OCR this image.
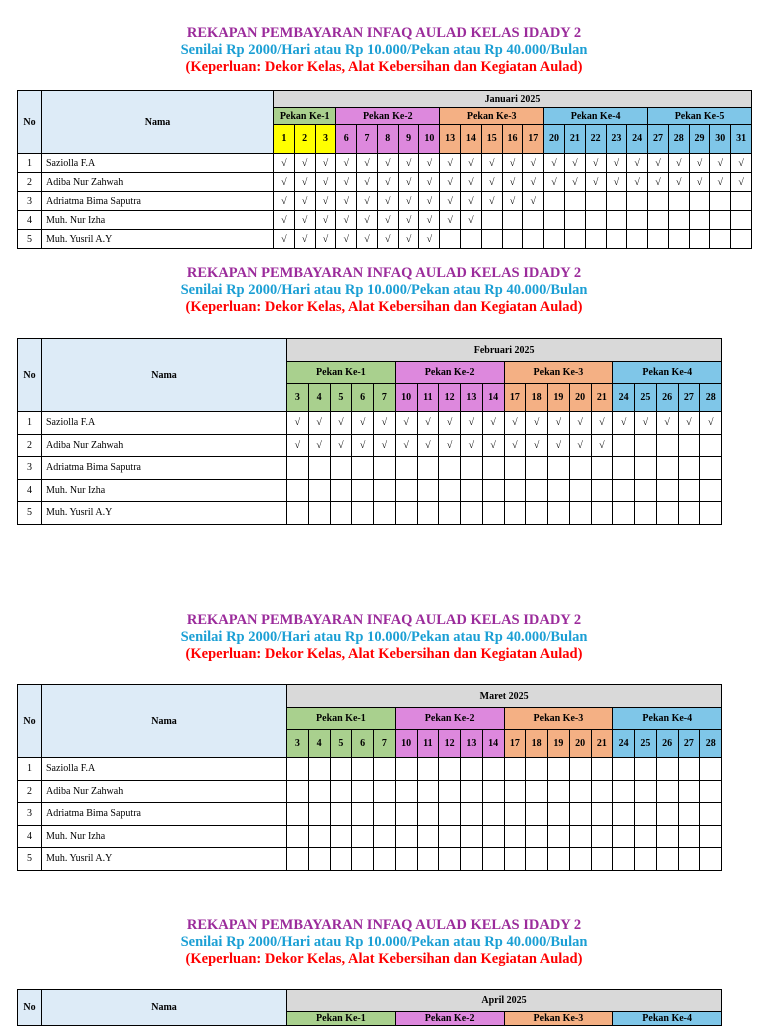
REKAPAN PEMBAYARAN INFAQ AULAD KELAS IDADY 2
Senilai Rp 2000/Hari atau Rp 10.000/Pekan atau Rp 40.000/Bulan
(Keperluan: Dekor Kelas, Alat Kebersihan dan Kegiatan Aulad)
REKAPAN PEMBAYARAN INFAQ AULAD KELAS IDADY 2
Senilai Rp 2000/Hari atau Rp 10.000/Pekan atau Rp 40.000/Bulan
(Keperluan: Dekor Kelas, Alat Kebersihan dan Kegiatan Aulad)
REKAPAN PEMBAYARAN INFAQ AULAD KELAS IDADY 2
Senilai Rp 2000/Hari atau Rp 10.000/Pekan atau Rp 40.000/Bulan
(Keperluan: Dekor Kelas, Alat Kebersihan dan Kegiatan Aulad)
REKAPAN PEMBAYARAN INFAQ AULAD KELAS IDADY 2
Senilai Rp 2000/Hari atau Rp 10.000/Pekan atau Rp 40.000/Bulan
(Keperluan: Dekor Kelas, Alat Kebersihan dan Kegiatan Aulad)
No	Nama	Januari 2025																						
		Pekan Ke-1			Pekan Ke-2					Pekan Ke-3					Pekan Ke-4					Pekan Ke-5				
		1	2	3	6	7	8	9	10	13	14	15	16	17	20	21	22	23	24	27	28	29	30	31
1	Saziolla F.A	√	√	√	√	√	√	√	√	√	√	√	√	√	√	√	√	√	√	√	√	√	√	√
2	Adiba Nur Zahwah	√	√	√	√	√	√	√	√	√	√	√	√	√	√	√	√	√	√	√	√	√	√	√
3	Adriatma Bima Saputra	√	√	√	√	√	√	√	√	√	√	√	√	√										
4	Muh. Nur Izha	√	√	√	√	√	√	√	√	√	√													
5	Muh. Yusril A.Y	√	√	√	√	√	√	√	√															
No	Nama	Februari 2025																			
		Pekan Ke-1					Pekan Ke-2					Pekan Ke-3					Pekan Ke-4				
		3	4	5	6	7	10	11	12	13	14	17	18	19	20	21	24	25	26	27	28
1	Saziolla F.A	√	√	√	√	√	√	√	√	√	√	√	√	√	√	√	√	√	√	√	√
2	Adiba Nur Zahwah	√	√	√	√	√	√	√	√	√	√	√	√	√	√	√					
3	Adriatma Bima Saputra																				
4	Muh. Nur Izha																				
5	Muh. Yusril A.Y																				
No	Nama	Maret 2025																			
		Pekan Ke-1					Pekan Ke-2					Pekan Ke-3					Pekan Ke-4				
		3	4	5	6	7	10	11	12	13	14	17	18	19	20	21	24	25	26	27	28
1	Saziolla F.A																				
2	Adiba Nur Zahwah																				
3	Adriatma Bima Saputra																				
4	Muh. Nur Izha																				
5	Muh. Yusril A.Y																				
No	Nama	April 2025			
		Pekan Ke-1	Pekan Ke-2	Pekan Ke-3	Pekan Ke-4
